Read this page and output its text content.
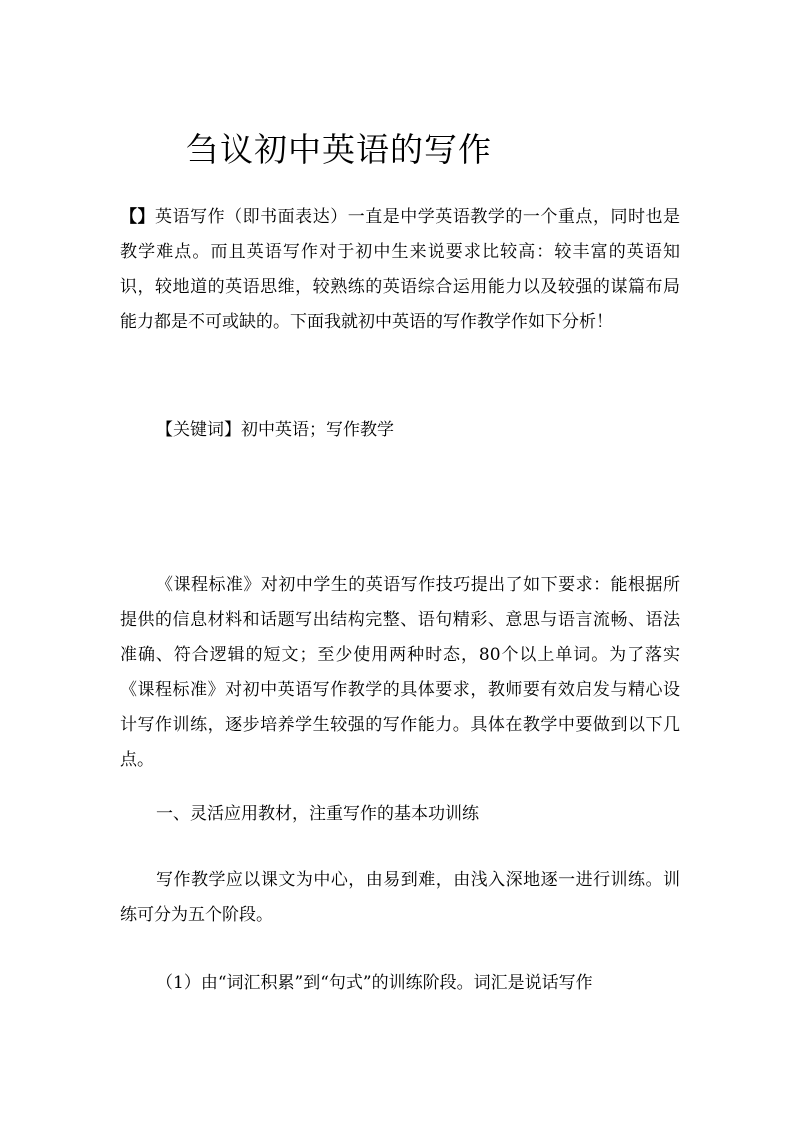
刍议初中英语的写作

【】英语写作（即书面表达）一直是中学英语教学的一个重点，同时也是教学难点。而且英语写作对于初中生来说要求比较高：较丰富的英语知识，较地道的英语思维，较熟练的英语综合运用能力以及较强的谋篇布局能力都是不可或缺的。下面我就初中英语的写作教学作如下分析！

【关键词】初中英语；写作教学

《课程标准》对初中学生的英语写作技巧提出了如下要求：能根据所提供的信息材料和话题写出结构完整、语句精彩、意思与语言流畅、语法准确、符合逻辑的短文；至少使用两种时态，80个以上单词。为了落实《课程标准》对初中英语写作教学的具体要求，教师要有效启发与精心设计写作训练，逐步培养学生较强的写作能力。具体在教学中要做到以下几点。

一、灵活应用教材，注重写作的基本功训练

写作教学应以课文为中心，由易到难，由浅入深地逐一进行训练。训练可分为五个阶段。

（1）由“词汇积累”到“句式”的训练阶段。词汇是说话写作
